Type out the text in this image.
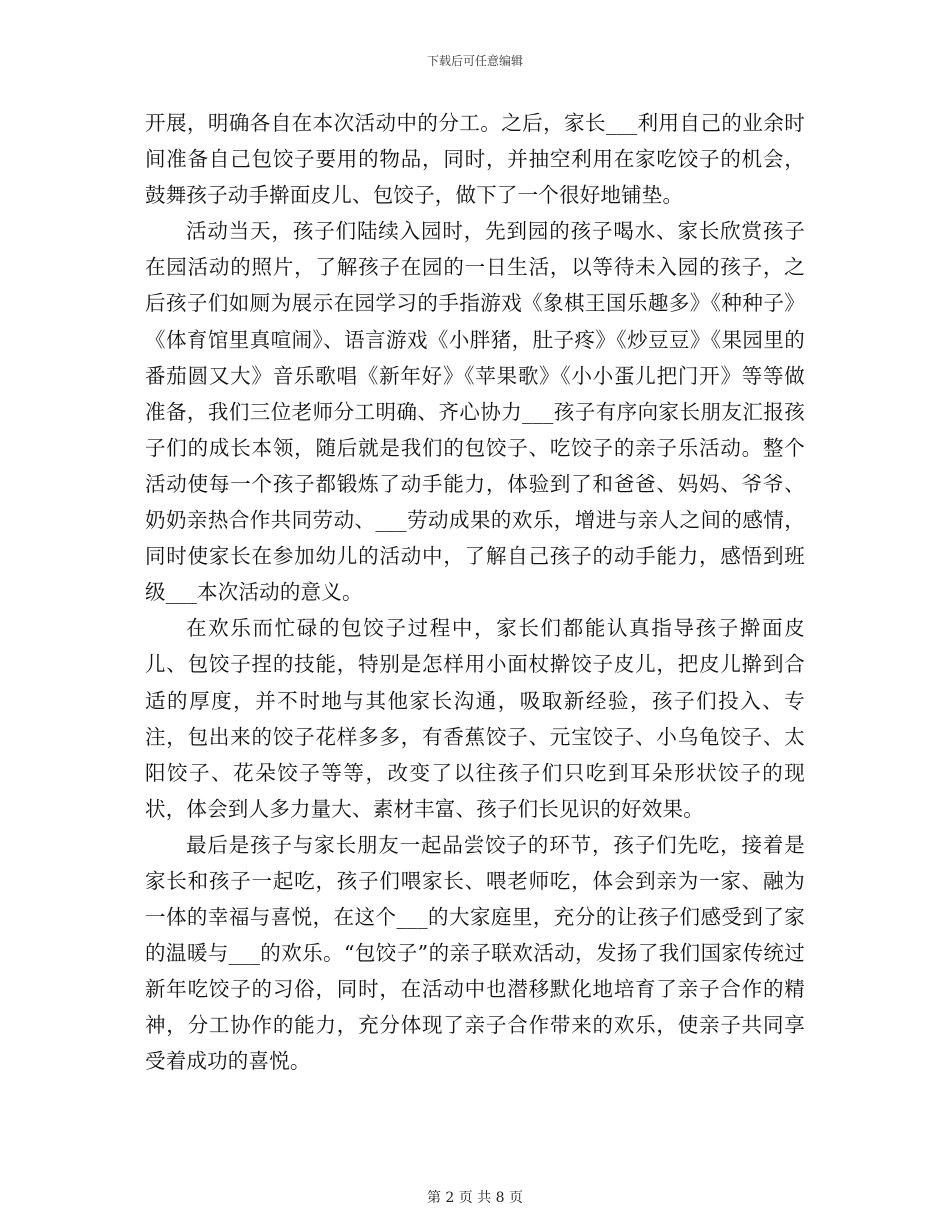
下载后可任意编辑

开展，明确各自在本次活动中的分工。之后，家长___利用自己的业余时间准备自己包饺子要用的物品，同时，并抽空利用在家吃饺子的机会，鼓舞孩子动手擀面皮儿、包饺子，做下了一个很好地铺垫。

活动当天，孩子们陆续入园时，先到园的孩子喝水、家长欣赏孩子在园活动的照片，了解孩子在园的一日生活，以等待未入园的孩子，之后孩子们如厕为展示在园学习的手指游戏《象棋王国乐趣多》《种种子》《体育馆里真喧闹》、语言游戏《小胖猪，肚子疼》《炒豆豆》《果园里的番茄圆又大》音乐歌唱《新年好》《苹果歌》《小小蛋儿把门开》等等做准备，我们三位老师分工明确、齐心协力___孩子有序向家长朋友汇报孩子们的成长本领，随后就是我们的包饺子、吃饺子的亲子乐活动。整个活动使每一个孩子都锻炼了动手能力，体验到了和爸爸、妈妈、爷爷、奶奶亲热合作共同劳动、___劳动成果的欢乐，增进与亲人之间的感情，同时使家长在参加幼儿的活动中，了解自己孩子的动手能力，感悟到班级___本次活动的意义。

在欢乐而忙碌的包饺子过程中，家长们都能认真指导孩子擀面皮儿、包饺子捏的技能，特别是怎样用小面杖擀饺子皮儿，把皮儿擀到合适的厚度，并不时地与其他家长沟通，吸取新经验，孩子们投入、专注，包出来的饺子花样多多，有香蕉饺子、元宝饺子、小乌龟饺子、太阳饺子、花朵饺子等等，改变了以往孩子们只吃到耳朵形状饺子的现状，体会到人多力量大、素材丰富、孩子们长见识的好效果。

最后是孩子与家长朋友一起品尝饺子的环节，孩子们先吃，接着是家长和孩子一起吃，孩子们喂家长、喂老师吃，体会到亲为一家、融为一体的幸福与喜悦，在这个___的大家庭里，充分的让孩子们感受到了家的温暖与___的欢乐。“包饺子”的亲子联欢活动，发扬了我们国家传统过新年吃饺子的习俗，同时，在活动中也潜移默化地培育了亲子合作的精神，分工协作的能力，充分体现了亲子合作带来的欢乐，使亲子共同享受着成功的喜悦。

第 2 页 共 8 页
